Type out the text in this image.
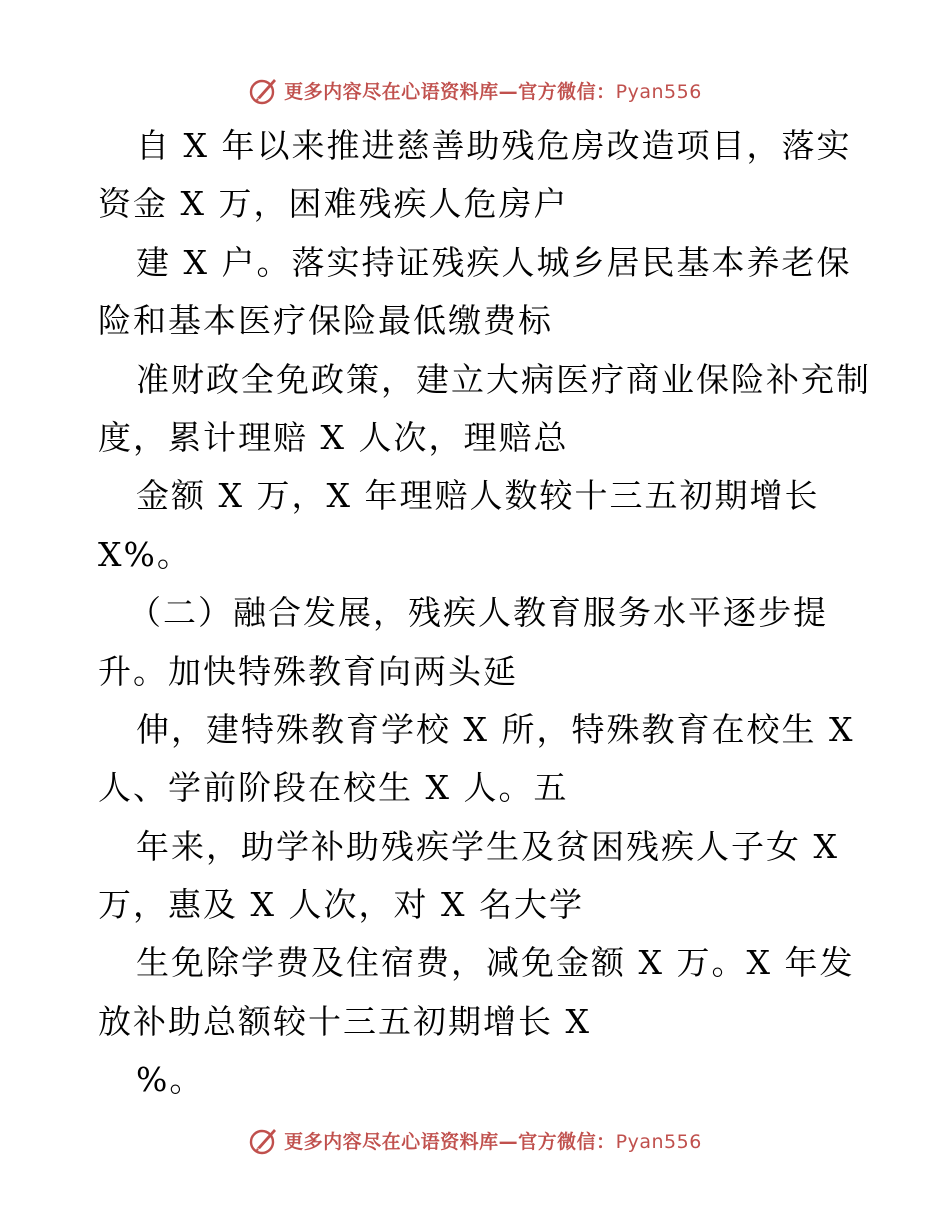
更多内容尽在心语资料库—官方微信：Pyan556
自 X 年以来推进慈善助残危房改造项目，落实
资金 X 万，困难残疾人危房户
建 X 户。落实持证残疾人城乡居民基本养老保
险和基本医疗保险最低缴费标
准财政全免政策，建立大病医疗商业保险补充制
度，累计理赔 X 人次，理赔总
金额 X 万，X 年理赔人数较十三五初期增长
X%。
（二）融合发展，残疾人教育服务水平逐步提
升。加快特殊教育向两头延
伸，建特殊教育学校 X 所，特殊教育在校生 X
人、学前阶段在校生 X 人。五
年来，助学补助残疾学生及贫困残疾人子女 X
万，惠及 X 人次，对 X 名大学
生免除学费及住宿费，减免金额 X 万。X 年发
放补助总额较十三五初期增长 X
%。
更多内容尽在心语资料库—官方微信：Pyan556
